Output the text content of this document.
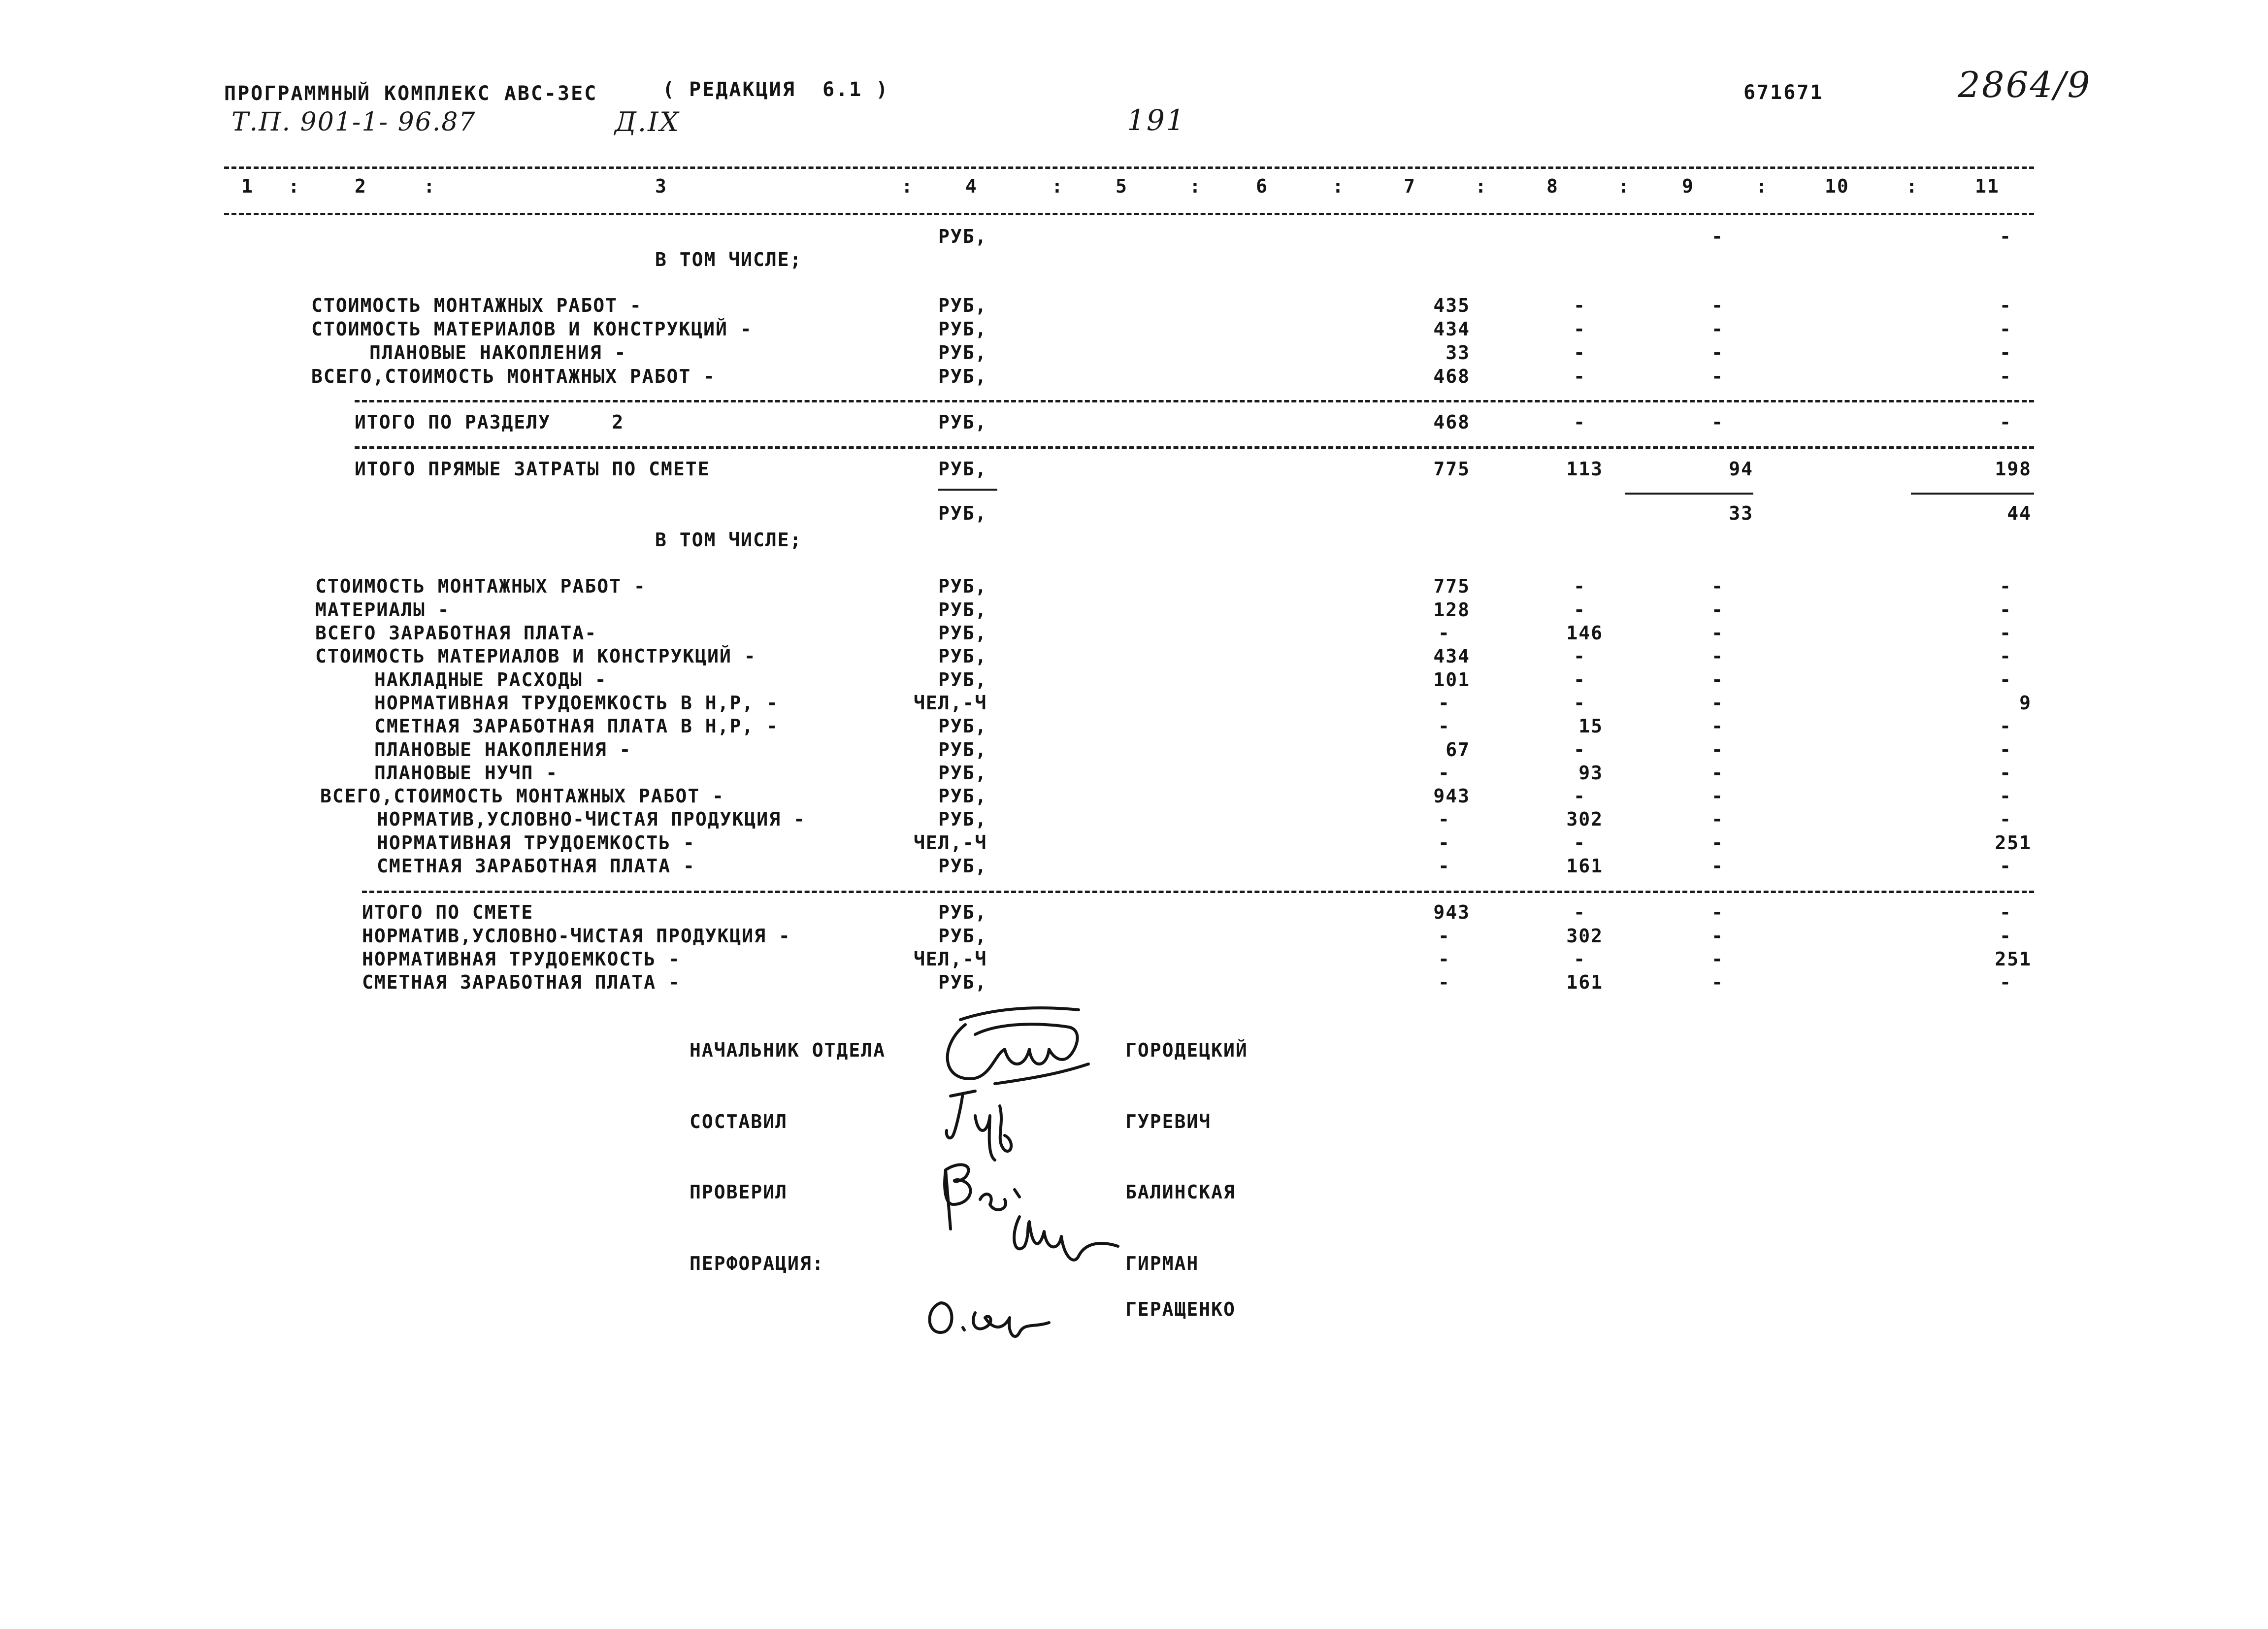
ПРОГРАММНЫЙ КОМПЛЕКС АВС-ЗЕС	( РЕДАКЦИЯ  6.1 )	671671
Т.П. 901-1- 96.87	Д.IX	191
2864/9
1 :	2	:	3	:	4	:	5	:	6	:	7	:	8	:	9	:	10	:	11
РУБ,	-	-
В ТОМ ЧИСЛЕ;
СТОИМОСТЬ МОНТАЖНЫХ РАБОТ -	РУБ,	435	-	-	-
СТОИМОСТЬ МАТЕРИАЛОВ И КОНСТРУКЦИЙ -	РУБ,	434	-	-	-
ПЛАНОВЫЕ НАКОПЛЕНИЯ -	РУБ,	33	-	-	-
ВСЕГО,СТОИМОСТЬ МОНТАЖНЫХ РАБОТ -	РУБ,	468	-	-	-
ИТОГО ПО РАЗДЕЛУ     2	РУБ,	468	-	-	-
ИТОГО ПРЯМЫЕ ЗАТРАТЫ ПО СМЕТЕ	РУБ,	775	113	94	198
РУБ,	33	44
В ТОМ ЧИСЛЕ;
СТОИМОСТЬ МОНТАЖНЫХ РАБОТ -	РУБ,	775	-	-	-
МАТЕРИАЛЫ -	РУБ,	128	-	-	-
ВСЕГО ЗАРАБОТНАЯ ПЛАТА-	РУБ,	-	146	-	-
СТОИМОСТЬ МАТЕРИАЛОВ И КОНСТРУКЦИЙ -	РУБ,	434	-	-	-
НАКЛАДНЫЕ РАСХОДЫ -	РУБ,	101	-	-	-
НОРМАТИВНАЯ ТРУДОЕМКОСТЬ В Н,Р, -	ЧЕЛ,-Ч	-	-	-	9
СМЕТНАЯ ЗАРАБОТНАЯ ПЛАТА В Н,Р, -	РУБ,	-	15	-	-
ПЛАНОВЫЕ НАКОПЛЕНИЯ -	РУБ,	67	-	-	-
ПЛАНОВЫЕ НУЧП -	РУБ,	-	93	-	-
ВСЕГО,СТОИМОСТЬ МОНТАЖНЫХ РАБОТ -	РУБ,	943	-	-	-
НОРМАТИВ,УСЛОВНО-ЧИСТАЯ ПРОДУКЦИЯ -	РУБ,	-	302	-	-
НОРМАТИВНАЯ ТРУДОЕМКОСТЬ -	ЧЕЛ,-Ч	-	-	-	251
СМЕТНАЯ ЗАРАБОТНАЯ ПЛАТА -	РУБ,	-	161	-	-
ИТОГО ПО СМЕТЕ	РУБ,	943	-	-	-
НОРМАТИВ,УСЛОВНО-ЧИСТАЯ ПРОДУКЦИЯ -	РУБ,	-	302	-	-
НОРМАТИВНАЯ ТРУДОЕМКОСТЬ -	ЧЕЛ,-Ч	-	-	-	251
СМЕТНАЯ ЗАРАБОТНАЯ ПЛАТА -	РУБ,	-	161	-	-
НАЧАЛЬНИК ОТДЕЛА	ГОРОДЕЦКИЙ
СОСТАВИЛ	ГУРЕВИЧ
ПРОВЕРИЛ	БАЛИНСКАЯ
ПЕРФОРАЦИЯ:	ГИРМАН
ГЕРАЩЕНКО
